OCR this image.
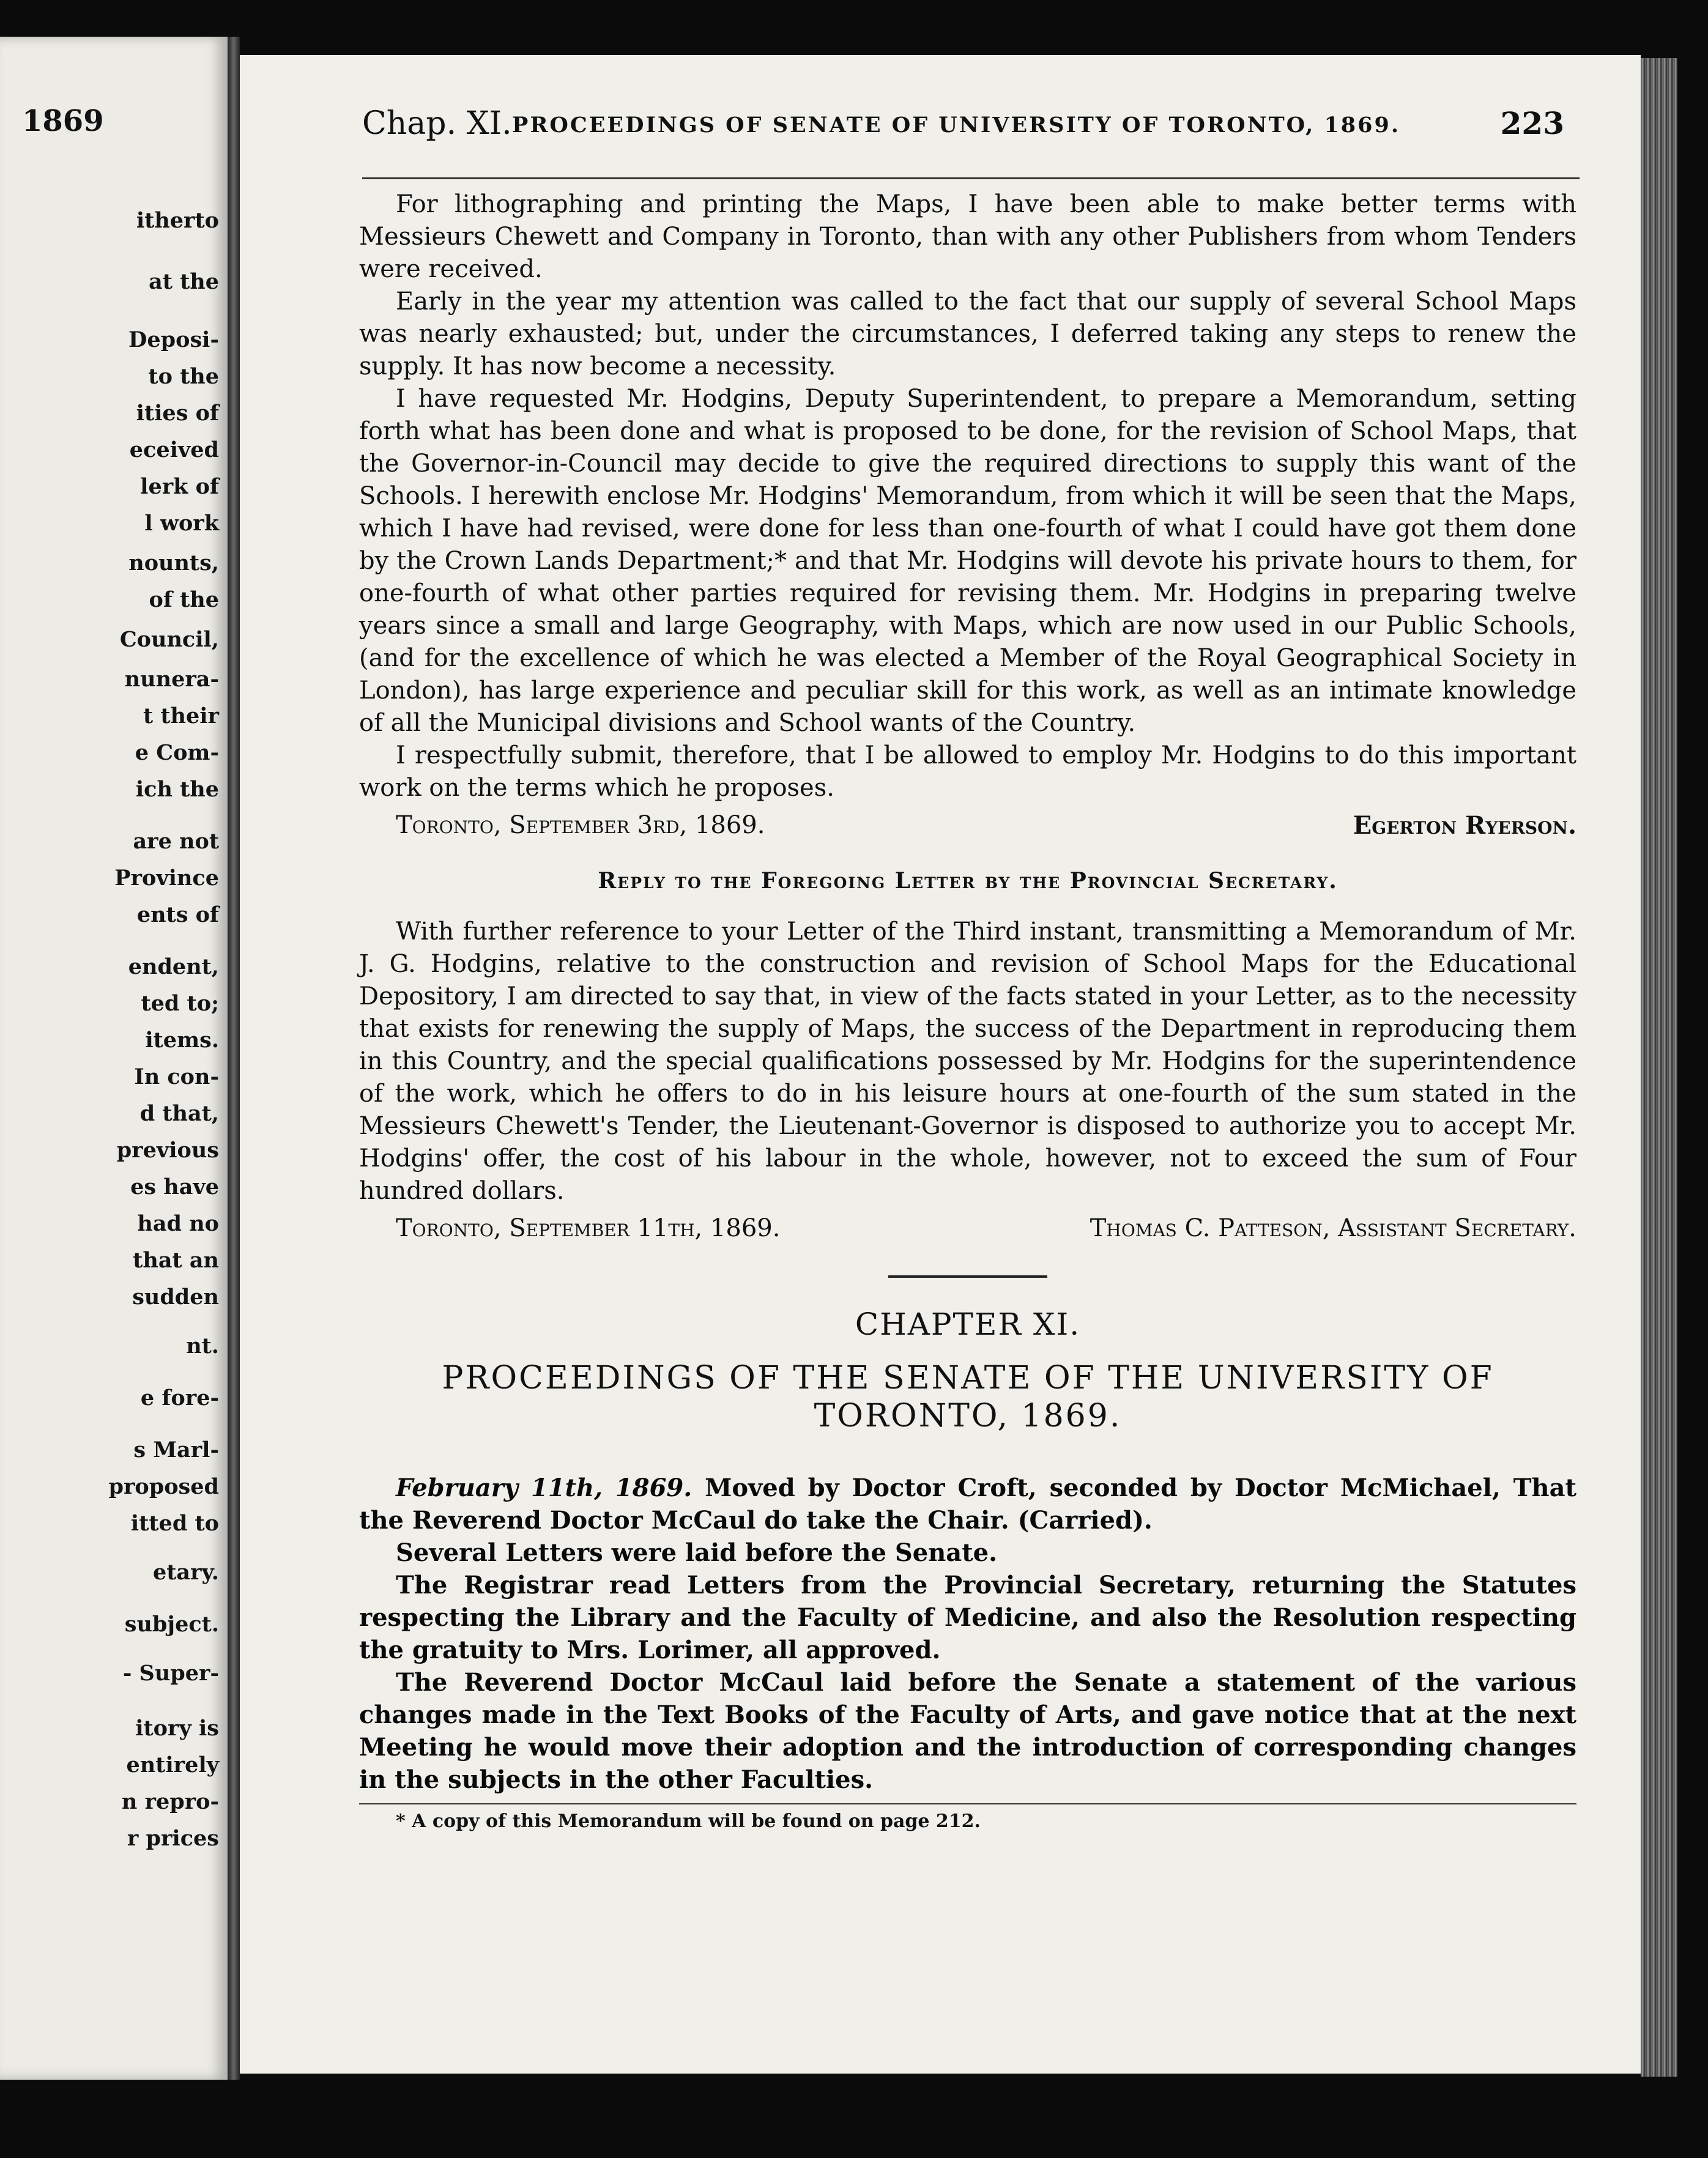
1869
itherto
at the
Deposi-
to the
ities of
eceived
lerk of
l work
nounts,
of the
Council,
nunera-
t their
e Com-
ich the
are not
Province
ents of
endent,
ted to;
items.
In con-
d that,
previous
es have
had no
that an
sudden
nt.
e fore-
s Marl-
proposed
itted to
etary.
subject.
- Super-
itory is
entirely
n repro-
r prices
Chap. XI. PROCEEDINGS OF SENATE OF UNIVERSITY OF TORONTO, 1869.	223

For lithographing and printing the Maps, I have been able to make better terms with Messieurs Chewett and Company in Toronto, than with any other Publishers from whom Tenders were received.

Early in the year my attention was called to the fact that our supply of several School Maps was nearly exhausted; but, under the circumstances, I deferred taking any steps to renew the supply. It has now become a necessity.

I have requested Mr. Hodgins, Deputy Superintendent, to prepare a Memorandum, setting forth what has been done and what is proposed to be done, for the revision of School Maps, that the Governor-in-Council may decide to give the required directions to supply this want of the Schools. I herewith enclose Mr. Hodgins' Memorandum, from which it will be seen that the Maps, which I have had revised, were done for less than one-fourth of what I could have got them done by the Crown Lands Department;* and that Mr. Hodgins will devote his private hours to them, for one-fourth of what other parties required for revising them. Mr. Hodgins in preparing twelve years since a small and large Geography, with Maps, which are now used in our Public Schools, (and for the excellence of which he was elected a Member of the Royal Geographical Society in London), has large experience and peculiar skill for this work, as well as an intimate knowledge of all the Municipal divisions and School wants of the Country.

I respectfully submit, therefore, that I be allowed to employ Mr. Hodgins to do this important work on the terms which he proposes.

Toronto, September 3rd, 1869.	Egerton Ryerson.
Reply to the Foregoing Letter by the Provincial Secretary.

With further reference to your Letter of the Third instant, transmitting a Memorandum of Mr. J. G. Hodgins, relative to the construction and revision of School Maps for the Educational Depository, I am directed to say that, in view of the facts stated in your Letter, as to the necessity that exists for renewing the supply of Maps, the success of the Department in reproducing them in this Country, and the special qualifications possessed by Mr. Hodgins for the superintendence of the work, which he offers to do in his leisure hours at one-fourth of the sum stated in the Messieurs Chewett's Tender, the Lieutenant-Governor is disposed to authorize you to accept Mr. Hodgins' offer, the cost of his labour in the whole, however, not to exceed the sum of Four hundred dollars.

Toronto, September 11th, 1869.	Thomas C. Patteson, Assistant Secretary.
CHAPTER XI.
PROCEEDINGS OF THE SENATE OF THE UNIVERSITY OF TORONTO, 1869.

February 11th, 1869. Moved by Doctor Croft, seconded by Doctor McMichael, That the Reverend Doctor McCaul do take the Chair. (Carried).

Several Letters were laid before the Senate.

The Registrar read Letters from the Provincial Secretary, returning the Statutes respecting the Library and the Faculty of Medicine, and also the Resolution respecting the gratuity to Mrs. Lorimer, all approved.

The Reverend Doctor McCaul laid before the Senate a statement of the various changes made in the Text Books of the Faculty of Arts, and gave notice that at the next Meeting he would move their adoption and the introduction of corresponding changes in the subjects in the other Faculties.

* A copy of this Memorandum will be found on page 212.
